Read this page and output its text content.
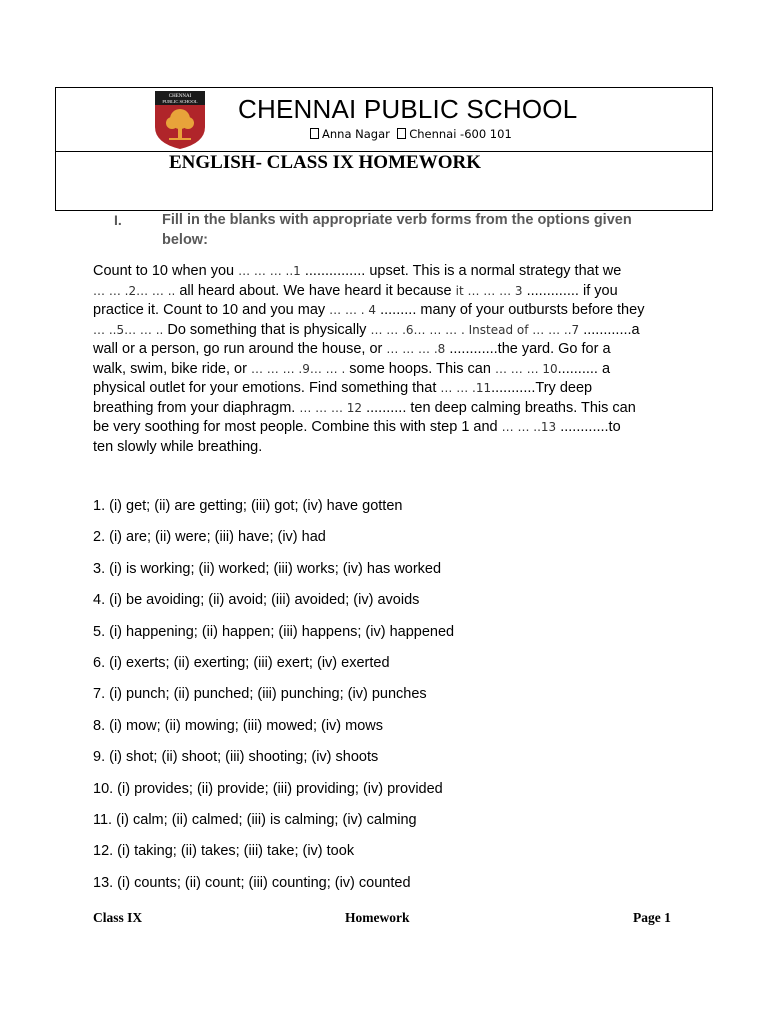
CHENNAI
PUBLIC SCHOOL CHENNAI PUBLIC SCHOOL
Anna Nagar Chennai -600 101
ENGLISH- CLASS IX HOMEWORK
I.	Fill in the blanks with appropriate verb forms from the options given below:
Count to 10 when you … … … ..1 ............... upset. This is a normal strategy that we
… … .2… … .. all heard about. We have heard it because it … … … 3 ............. if you
practice it. Count to 10 and you may … … . 4 ......... many of your outbursts before they
… ..5… … .. Do something that is physically … … .6… … … . Instead of … … ..7 ............a
wall or a person, go run around the house, or … … … .8 ............the yard. Go for a
walk, swim, bike ride, or … … … .9… … . some hoops. This can … … … 10.......... a
physical outlet for your emotions. Find something that … … .11...........Try deep
breathing from your diaphragm. … … … 12 .......... ten deep calming breaths. This can
be very soothing for most people. Combine this with step 1 and … … ..13 ............to
ten slowly while breathing.
1. (i) get; (ii) are getting; (iii) got; (iv) have gotten
2. (i) are; (ii) were; (iii) have; (iv) had
3. (i) is working; (ii) worked; (iii) works; (iv) has worked
4. (i) be avoiding; (ii) avoid; (iii) avoided; (iv) avoids
5. (i) happening; (ii) happen; (iii) happens; (iv) happened
6. (i) exerts; (ii) exerting; (iii) exert; (iv) exerted
7. (i) punch; (ii) punched; (iii) punching; (iv) punches
8. (i) mow; (ii) mowing; (iii) mowed; (iv) mows
9. (i) shot; (ii) shoot; (iii) shooting; (iv) shoots
10. (i) provides; (ii) provide; (iii) providing; (iv) provided
11. (i) calm; (ii) calmed; (iii) is calming; (iv) calming
12. (i) taking; (ii) takes; (iii) take; (iv) took
13. (i) counts; (ii) count; (iii) counting; (iv) counted
Class IX	Homework	Page 1
